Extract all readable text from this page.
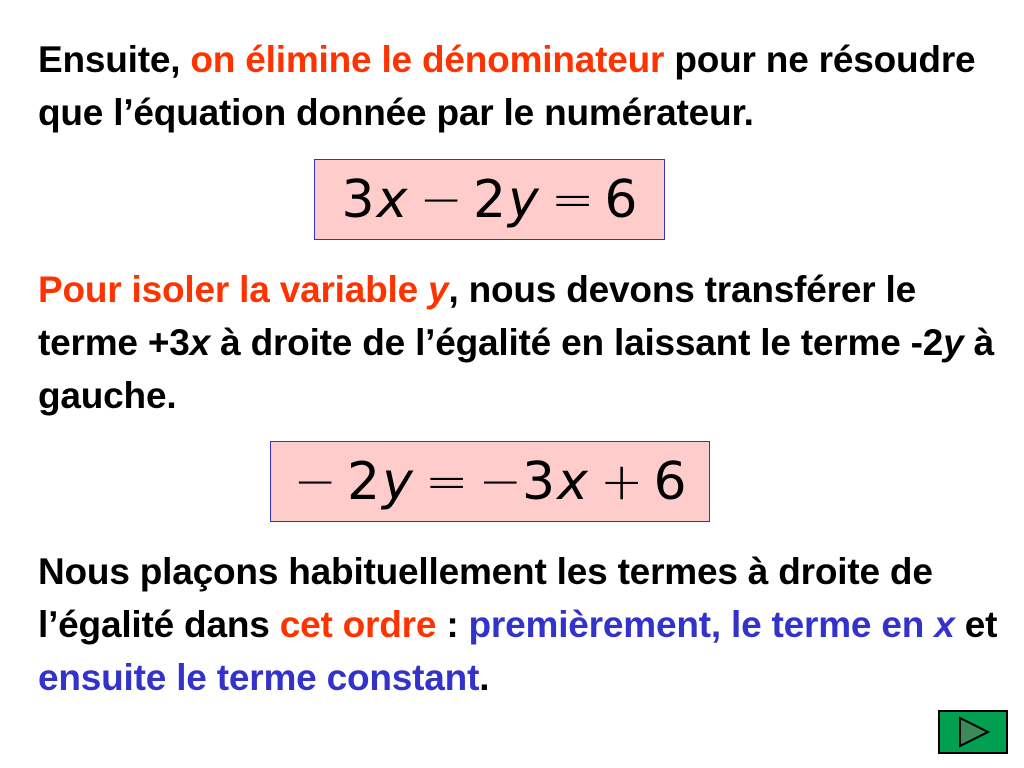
Ensuite, on élimine le dénominateur pour ne résoudre que l’équation donnée par le numérateur.

3 x − 2 y = 6

Pour isoler la variable y, nous devons transférer le terme +3x à droite de l’égalité en laissant le terme -2y à gauche.

− 2 y = − 3 x + 6

Nous plaçons habituellement les termes à droite de l’égalité dans cet ordre : premièrement, le terme en x et ensuite le terme constant.
